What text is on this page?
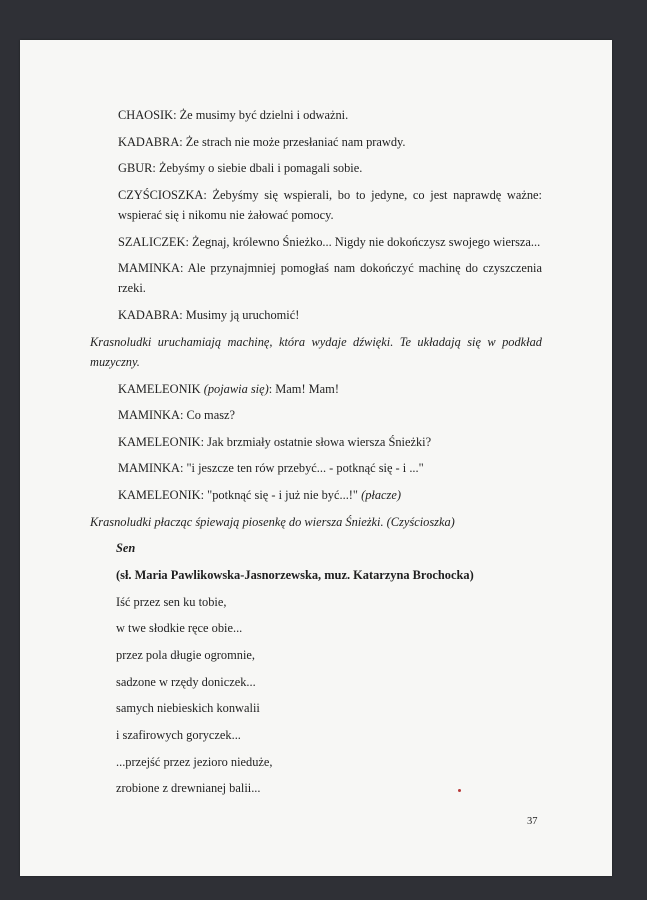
CHAOSIK: Że musimy być dzielni i odważni.
KADABRA: Że strach nie może przesłaniać nam prawdy.
GBUR: Żebyśmy o siebie dbali i pomagali sobie.
CZYŚCIOSZKA: Żebyśmy się wspierali, bo to jedyne, co jest naprawdę ważne:
wspierać się i nikomu nie żałować pomocy.
SZALICZEK: Żegnaj, królewno Śnieżko... Nigdy nie dokończysz swojego wiersza...
MAMINKA: Ale przynajmniej pomogłaś nam dokończyć machinę do czyszczenia
rzeki.
KADABRA: Musimy ją uruchomić!
Krasnoludki uruchamiają machinę, która wydaje dźwięki. Te układają się w podkład
muzyczny.
KAMELEONIK (pojawia się): Mam! Mam!
MAMINKA: Co masz?
KAMELEONIK: Jak brzmiały ostatnie słowa wiersza Śnieżki?
MAMINKA: "i jeszcze ten rów przebyć... - potknąć się - i ..."
KAMELEONIK: "potknąć się - i już nie być...!" (płacze)
Krasnoludki płacząc śpiewają piosenkę do wiersza Śnieżki. (Czyścioszka)
Sen
(sł. Maria Pawlikowska-Jasnorzewska, muz. Katarzyna Brochocka)
Iść przez sen ku tobie,
w twe słodkie ręce obie...
przez pola długie ogromnie,
sadzone w rzędy doniczek...
samych niebieskich konwalii
i szafirowych goryczek...
...przejść przez jezioro nieduże,
zrobione z drewnianej balii...
37
